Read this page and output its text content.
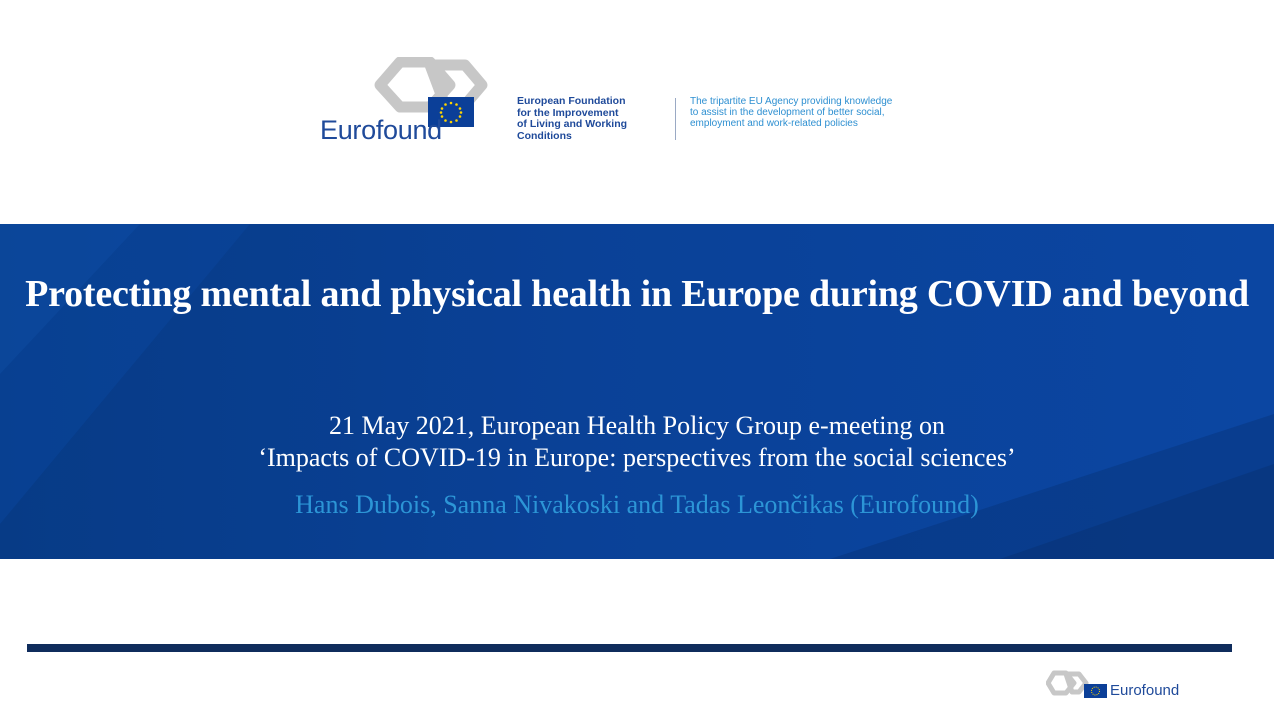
Eurofound
European Foundation
for the Improvement
of Living and Working
Conditions
The tripartite EU Agency providing knowledge
to assist in the development of better social,
employment and work-related policies
Protecting mental and physical health in Europe during COVID and beyond
21 May 2021, European Health Policy Group e-meeting on
‘Impacts of COVID-19 in Europe: perspectives from the social sciences’
Hans Dubois, Sanna Nivakoski and Tadas Leončikas (Eurofound)
Eurofound
